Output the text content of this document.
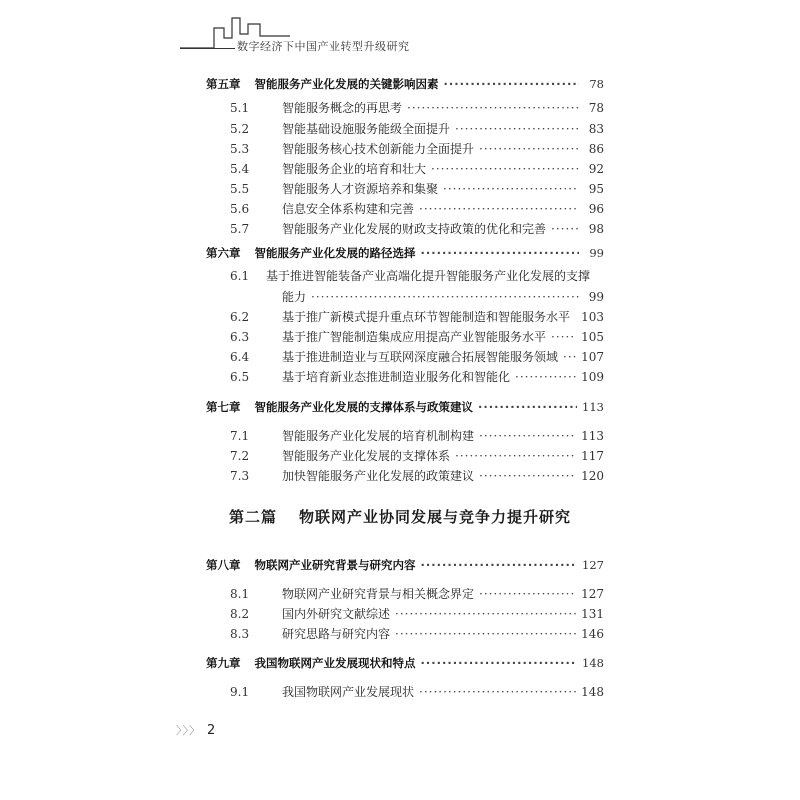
数字经济下中国产业转型升级研究
第五章 智能服务产业化发展的关键影响因素 ·····	78
5.1	智能服务概念的再思考 ·····	78
5.2	智能基础设施服务能级全面提升 ·····	83
5.3	智能服务核心技术创新能力全面提升 ·····	86
5.4	智能服务企业的培育和壮大 ·····	92
5.5	智能服务人才资源培养和集聚 ·····	95
5.6	信息安全体系构建和完善 ·····	96
5.7	智能服务产业化发展的财政支持政策的优化和完善 ·····	98
第六章 智能服务产业化发展的路径选择 ·····	99
6.1	基于推进智能装备产业高端化提升智能服务产业化发展的支撑
能力 ·····	99
6.2	基于推广新模式提升重点环节智能制造和智能服务水平 ····· 103
6.3	基于推广智能制造集成应用提高产业智能服务水平 ·····	105
6.4	基于推进制造业与互联网深度融合拓展智能服务领域 ····· 107
6.5	基于培育新业态推进制造业服务化和智能化 ·····	109
第七章 智能服务产业化发展的支撑体系与政策建议 ·····	113
7.1	智能服务产业化发展的培育机制构建 ·····	113
7.2	智能服务产业化发展的支撑体系 ·····	117
7.3	加快智能服务产业化发展的政策建议 ·····	120
第二篇 物联网产业协同发展与竞争力提升研究
第八章 物联网产业研究背景与研究内容 ·····	127
8.1	物联网产业研究背景与相关概念界定 ·····	127
8.2	国内外研究文献综述 ·····	131
8.3	研究思路与研究内容 ·····	146
第九章 我国物联网产业发展现状和特点 ·····	148
9.1	我国物联网产业发展现状 ·····	148
〉〉〉 2
